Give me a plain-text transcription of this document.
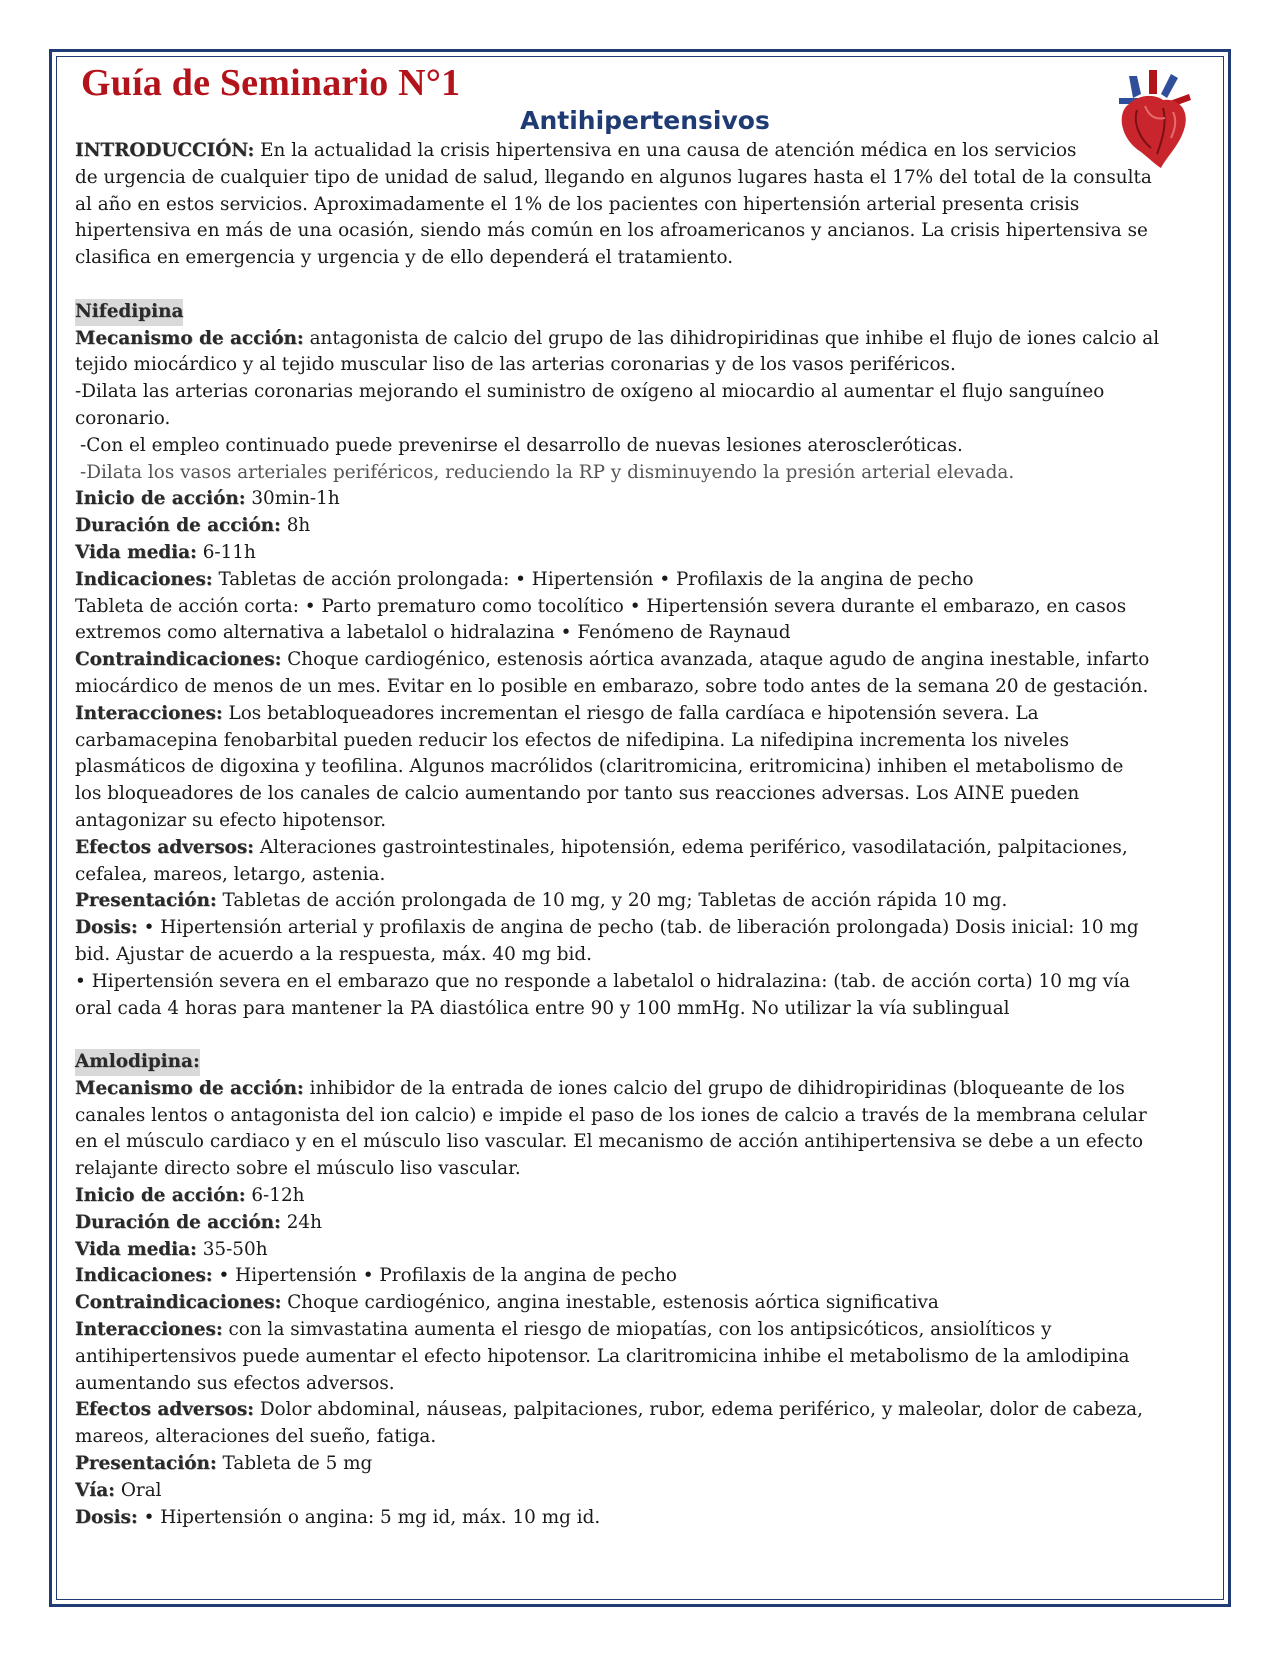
Guía de Seminario N°1
Antihipertensivos

INTRODUCCIÓN: En la actualidad la crisis hipertensiva en una causa de atención médica en los servicios

de urgencia de cualquier tipo de unidad de salud, llegando en algunos lugares hasta el 17% del total de la consulta

al año en estos servicios. Aproximadamente el 1% de los pacientes con hipertensión arterial presenta crisis

hipertensiva en más de una ocasión, siendo más común en los afroamericanos y ancianos. La crisis hipertensiva se

clasifica en emergencia y urgencia y de ello dependerá el tratamiento.

Nifedipina

Mecanismo de acción: antagonista de calcio del grupo de las dihidropiridinas que inhibe el flujo de iones calcio al

tejido miocárdico y al tejido muscular liso de las arterias coronarias y de los vasos periféricos.

-Dilata las arterias coronarias mejorando el suministro de oxígeno al miocardio al aumentar el flujo sanguíneo

coronario.

-Con el empleo continuado puede prevenirse el desarrollo de nuevas lesiones ateroscleróticas.

-Dilata los vasos arteriales periféricos, reduciendo la RP y disminuyendo la presión arterial elevada.

Inicio de acción: 30min-1h

Duración de acción: 8h

Vida media: 6-11h

Indicaciones: Tabletas de acción prolongada: • Hipertensión • Profilaxis de la angina de pecho

Tableta de acción corta: • Parto prematuro como tocolítico • Hipertensión severa durante el embarazo, en casos

extremos como alternativa a labetalol o hidralazina • Fenómeno de Raynaud

Contraindicaciones: Choque cardiogénico, estenosis aórtica avanzada, ataque agudo de angina inestable, infarto

miocárdico de menos de un mes. Evitar en lo posible en embarazo, sobre todo antes de la semana 20 de gestación.

Interacciones: Los betabloqueadores incrementan el riesgo de falla cardíaca e hipotensión severa. La

carbamacepina fenobarbital pueden reducir los efectos de nifedipina. La nifedipina incrementa los niveles

plasmáticos de digoxina y teofilina. Algunos macrólidos (claritromicina, eritromicina) inhiben el metabolismo de

los bloqueadores de los canales de calcio aumentando por tanto sus reacciones adversas. Los AINE pueden

antagonizar su efecto hipotensor.

Efectos adversos: Alteraciones gastrointestinales, hipotensión, edema periférico, vasodilatación, palpitaciones,

cefalea, mareos, letargo, astenia.

Presentación: Tabletas de acción prolongada de 10 mg, y 20 mg; Tabletas de acción rápida 10 mg.

Dosis: • Hipertensión arterial y profilaxis de angina de pecho (tab. de liberación prolongada) Dosis inicial: 10 mg

bid. Ajustar de acuerdo a la respuesta, máx. 40 mg bid.

• Hipertensión severa en el embarazo que no responde a labetalol o hidralazina: (tab. de acción corta) 10 mg vía

oral cada 4 horas para mantener la PA diastólica entre 90 y 100 mmHg. No utilizar la vía sublingual

Amlodipina:

Mecanismo de acción: inhibidor de la entrada de iones calcio del grupo de dihidropiridinas (bloqueante de los

canales lentos o antagonista del ion calcio) e impide el paso de los iones de calcio a través de la membrana celular

en el músculo cardiaco y en el músculo liso vascular. El mecanismo de acción antihipertensiva se debe a un efecto

relajante directo sobre el músculo liso vascular.

Inicio de acción: 6-12h

Duración de acción: 24h

Vida media: 35-50h

Indicaciones: • Hipertensión • Profilaxis de la angina de pecho

Contraindicaciones: Choque cardiogénico, angina inestable, estenosis aórtica significativa

Interacciones: con la simvastatina aumenta el riesgo de miopatías, con los antipsicóticos, ansiolíticos y

antihipertensivos puede aumentar el efecto hipotensor. La claritromicina inhibe el metabolismo de la amlodipina

aumentando sus efectos adversos.

Efectos adversos: Dolor abdominal, náuseas, palpitaciones, rubor, edema periférico, y maleolar, dolor de cabeza,

mareos, alteraciones del sueño, fatiga.

Presentación: Tableta de 5 mg

Vía: Oral

Dosis: • Hipertensión o angina: 5 mg id, máx. 10 mg id.
